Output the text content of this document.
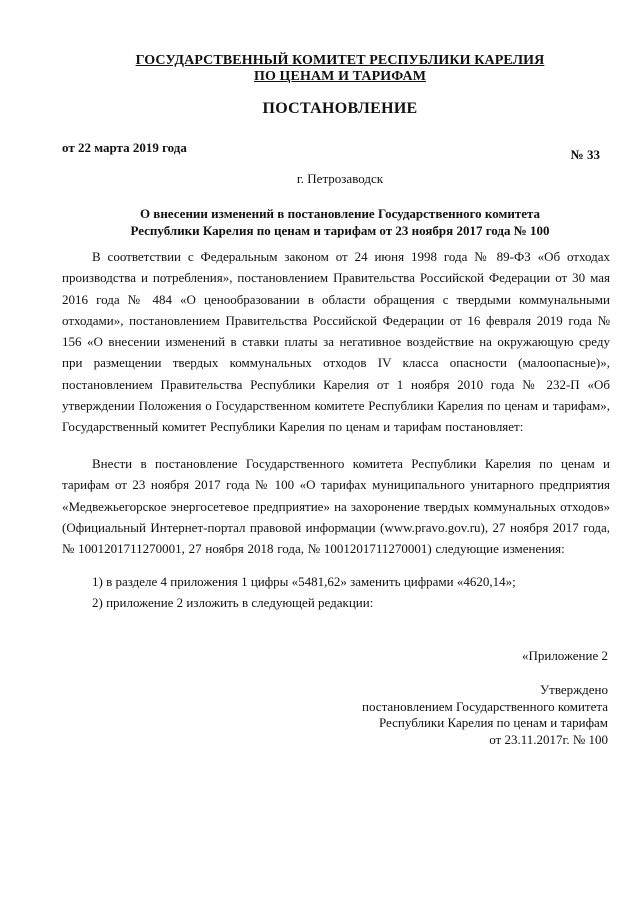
ГОСУДАРСТВЕННЫЙ КОМИТЕТ РЕСПУБЛИКИ КАРЕЛИЯ
ПО ЦЕНАМ И ТАРИФАМ
ПОСТАНОВЛЕНИЕ
от 22 марта 2019 года	№ 33
г. Петрозаводск
О внесении изменений в постановление Государственного комитета
Республики Карелия по ценам и тарифам от 23 ноября 2017 года № 100
В соответствии с Федеральным законом от 24 июня 1998 года № 89-ФЗ «Об отходах производства и потребления», постановлением Правительства Российской Федерации от 30 мая 2016 года № 484 «О ценообразовании в области обращения с твердыми коммунальными отходами», постановлением Правительства Российской Федерации от 16 февраля 2019 года № 156 «О внесении изменений в ставки платы за негативное воздействие на окружающую среду при размещении твердых коммунальных отходов IV класса опасности (малоопасные)», постановлением Правительства Республики Карелия от 1 ноября 2010 года № 232-П «Об утверждении Положения о Государственном комитете Республики Карелия по ценам и тарифам», Государственный комитет Республики Карелия по ценам и тарифам постановляет:
Внести в постановление Государственного комитета Республики Карелия по ценам и тарифам от 23 ноября 2017 года № 100 «О тарифах муниципального унитарного предприятия «Медвежьегорское энергосетевое предприятие» на захоронение твердых коммунальных отходов» (Официальный Интернет-портал правовой информации (www.pravo.gov.ru), 27 ноября 2017 года, № 1001201711270001, 27 ноября 2018 года, № 1001201711270001) следующие изменения:
1) в разделе 4 приложения 1 цифры «5481,62» заменить цифрами «4620,14»;
2) приложение 2 изложить в следующей редакции:
«Приложение 2
Утверждено
постановлением Государственного комитета
Республики Карелия по ценам и тарифам
от 23.11.2017г. № 100
